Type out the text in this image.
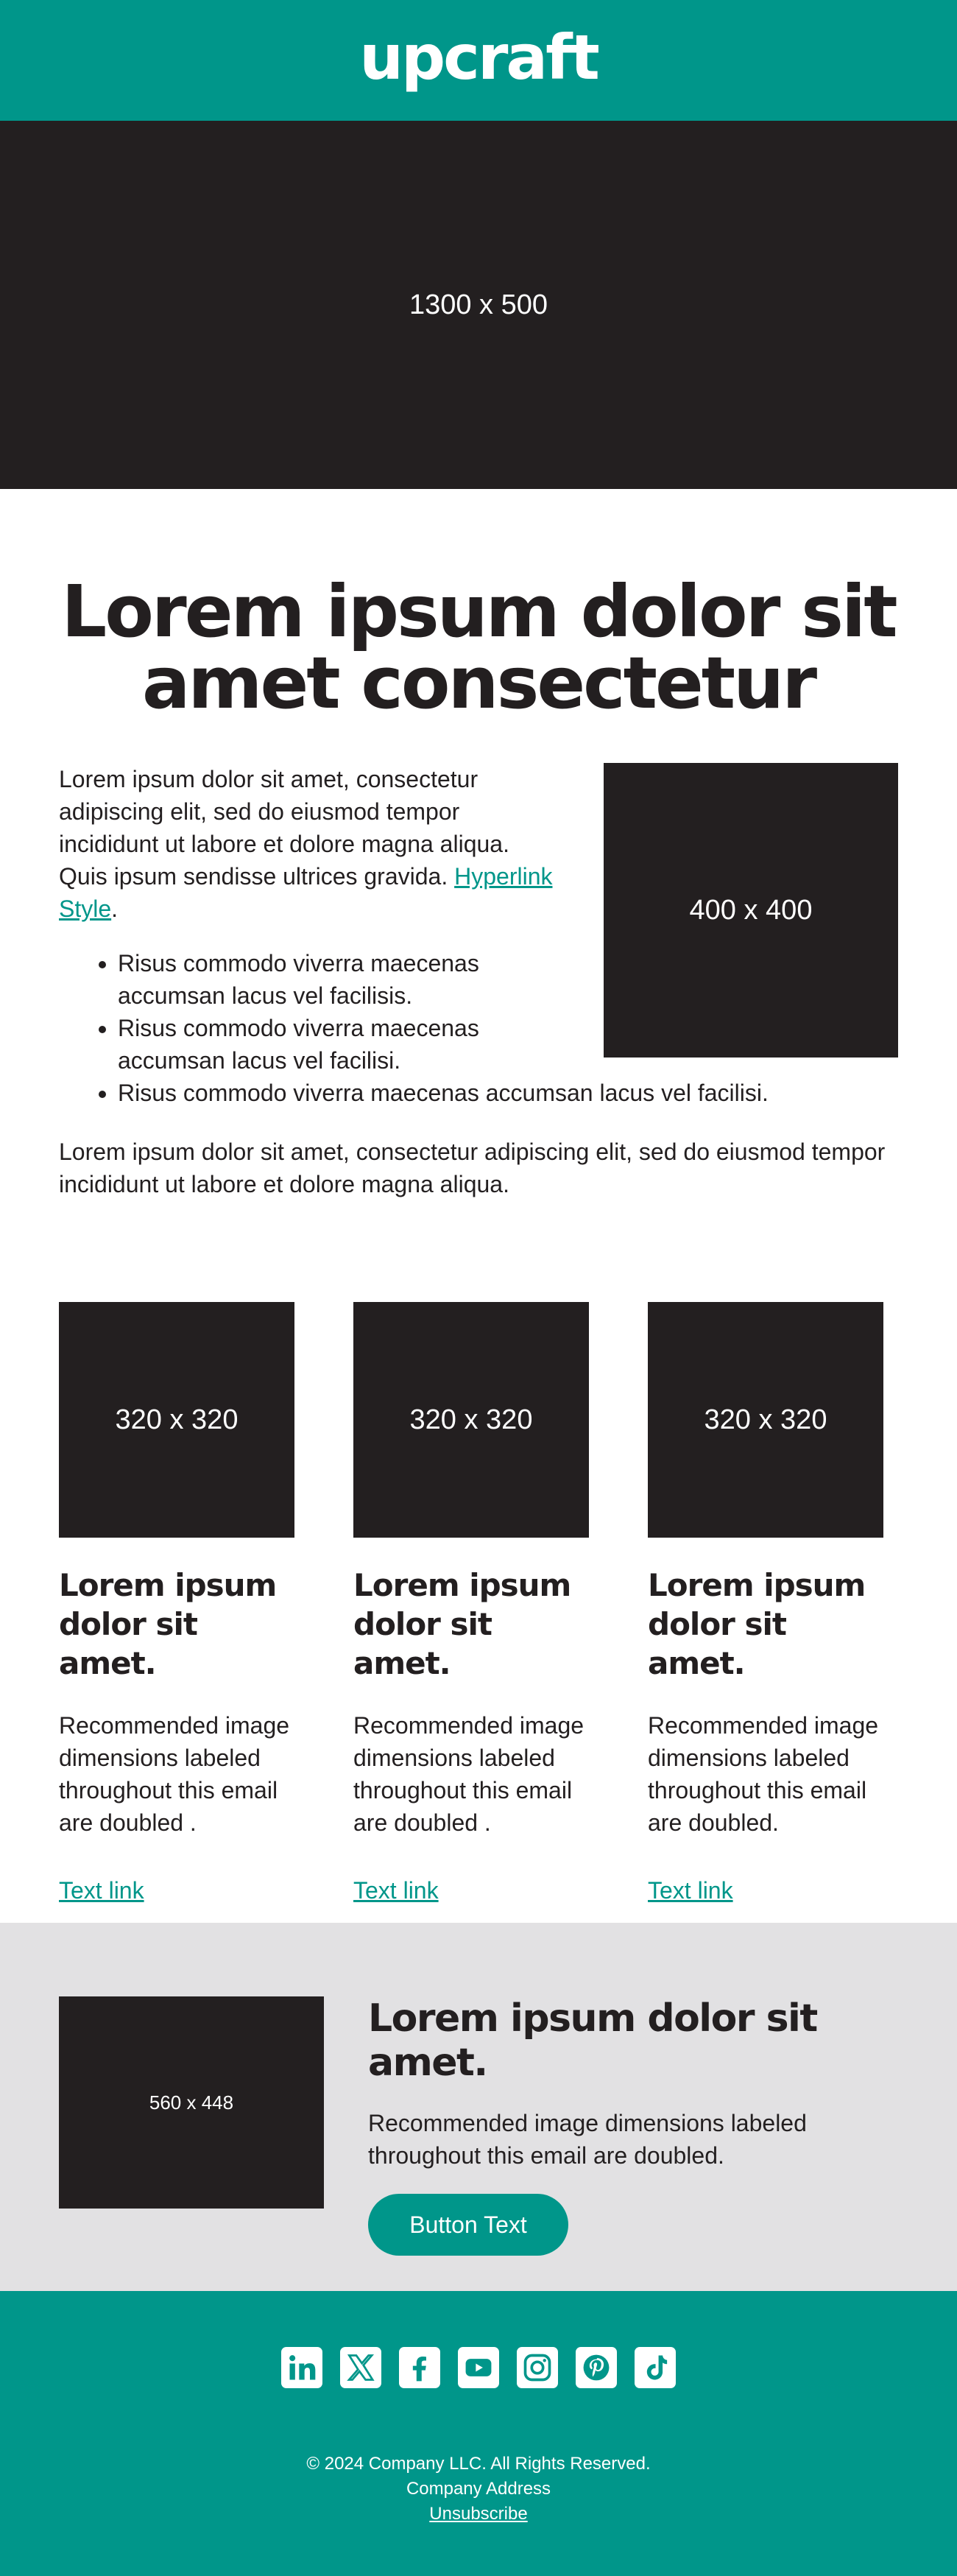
upcraft
1300 x 500
Lorem ipsum dolor sit amet consectetur
400 x 400

Lorem ipsum dolor sit amet, consectetur adipiscing elit, sed do eiusmod tempor incididunt ut labore et dolore magna aliqua. Quis ipsum sendisse ultrices gravida. Hyperlink Style.

• Risus commodo viverra maecenas accumsan lacus vel facilisis.
• Risus commodo viverra maecenas accumsan lacus vel facilisi.
• Risus commodo viverra maecenas accumsan lacus vel facilisi.

Lorem ipsum dolor sit amet, consectetur adipiscing elit, sed do eiusmod tempor incididunt ut labore et dolore magna aliqua.

320 x 320
Lorem ipsum dolor sit amet.

Recommended image dimensions labeled throughout this email are doubled .

Text link
320 x 320
Lorem ipsum dolor sit amet.

Recommended image dimensions labeled throughout this email are doubled .

Text link
320 x 320
Lorem ipsum dolor sit amet.

Recommended image dimensions labeled throughout this email are doubled.

Text link
560 x 448
Lorem ipsum dolor sit amet.

Recommended image dimensions labeled throughout this email are doubled.

Button Text
© 2024 Company LLC. All Rights Reserved.
Company Address
Unsubscribe
